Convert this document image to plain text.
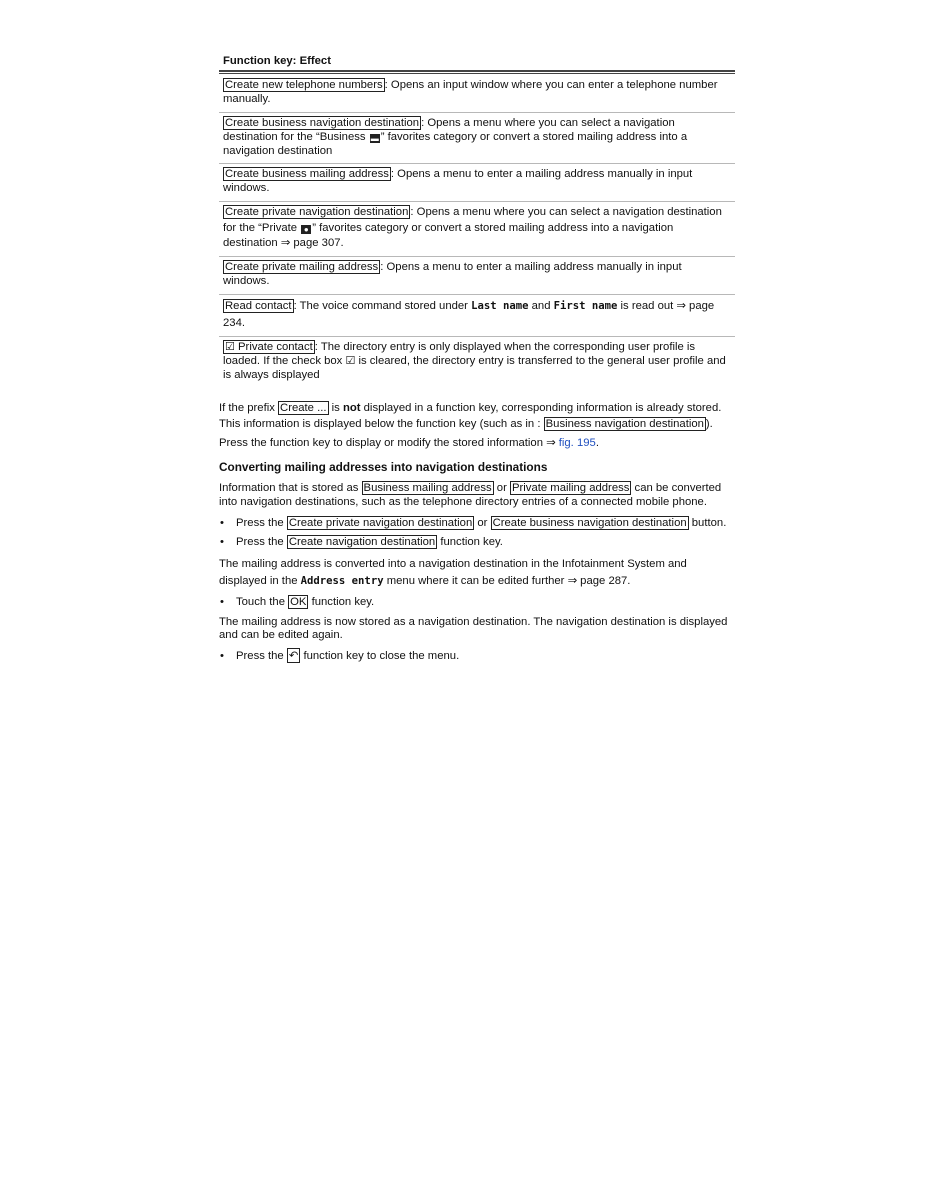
Function key: Effect
Create new telephone numbers : Opens an input window where you can enter a telephone number manually.
Create business navigation destination : Opens a menu where you can select a navigation destination for the “Business ▬ ” favorites category or convert a stored mailing address into a navigation destination
Create business mailing address : Opens a menu to enter a mailing address manually in input windows.
Create private navigation destination : Opens a menu where you can select a navigation destination for the “Private ● ” favorites category or convert a stored mailing address into a navigation destination ⇒ page 307.
Create private mailing address : Opens a menu to enter a mailing address manually in input windows.
Read contact : The voice command stored under Last name and First name is read out ⇒ page 234.
☑ Private contact : The directory entry is only displayed when the corresponding user profile is loaded. If the check box ☑ is cleared, the directory entry is transferred to the general user profile and is always displayed

If the prefix Create ... is not displayed in a function key, corresponding information is already stored. This information is displayed below the function key (such as in : Business navigation destination ).

Press the function key to display or modify the stored information ⇒ fig. 195.

Converting mailing addresses into navigation destinations

Information that is stored as Business mailing address or Private mailing address can be converted into navigation destinations, such as the telephone directory entries of a connected mobile phone.

• Press the Create private navigation destination or Create business navigation destination button.
• Press the Create navigation destination function key.

The mailing address is converted into a navigation destination in the Infotainment System and displayed in the Address entry menu where it can be edited further ⇒ page 287.

• Touch the OK function key.

The mailing address is now stored as a navigation destination. The navigation destination is displayed and can be edited again.

• Press the ↶ function key to close the menu.
